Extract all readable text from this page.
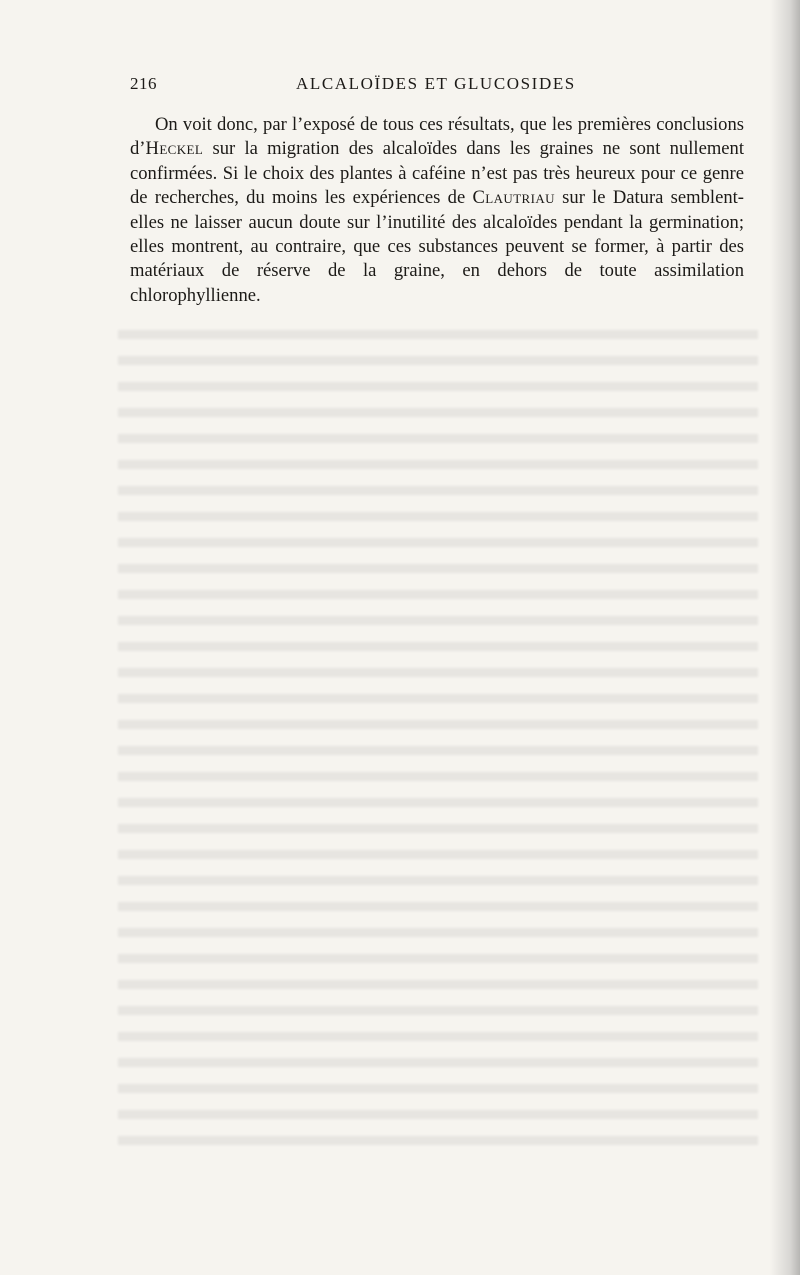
216	ALCALOÏDES ET GLUCOSIDES

On voit donc, par l’exposé de tous ces résultats, que les premières conclusions d’Heckel sur la migration des alcaloïdes dans les graines ne sont nullement confirmées. Si le choix des plantes à caféine n’est pas très heureux pour ce genre de recherches, du moins les expériences de Clautriau sur le Datura semblent-elles ne laisser aucun doute sur l’inutilité des alcaloïdes pendant la germination; elles montrent, au contraire, que ces substances peuvent se former, à partir des matériaux de réserve de la graine, en dehors de toute assimilation chlorophyllienne.
